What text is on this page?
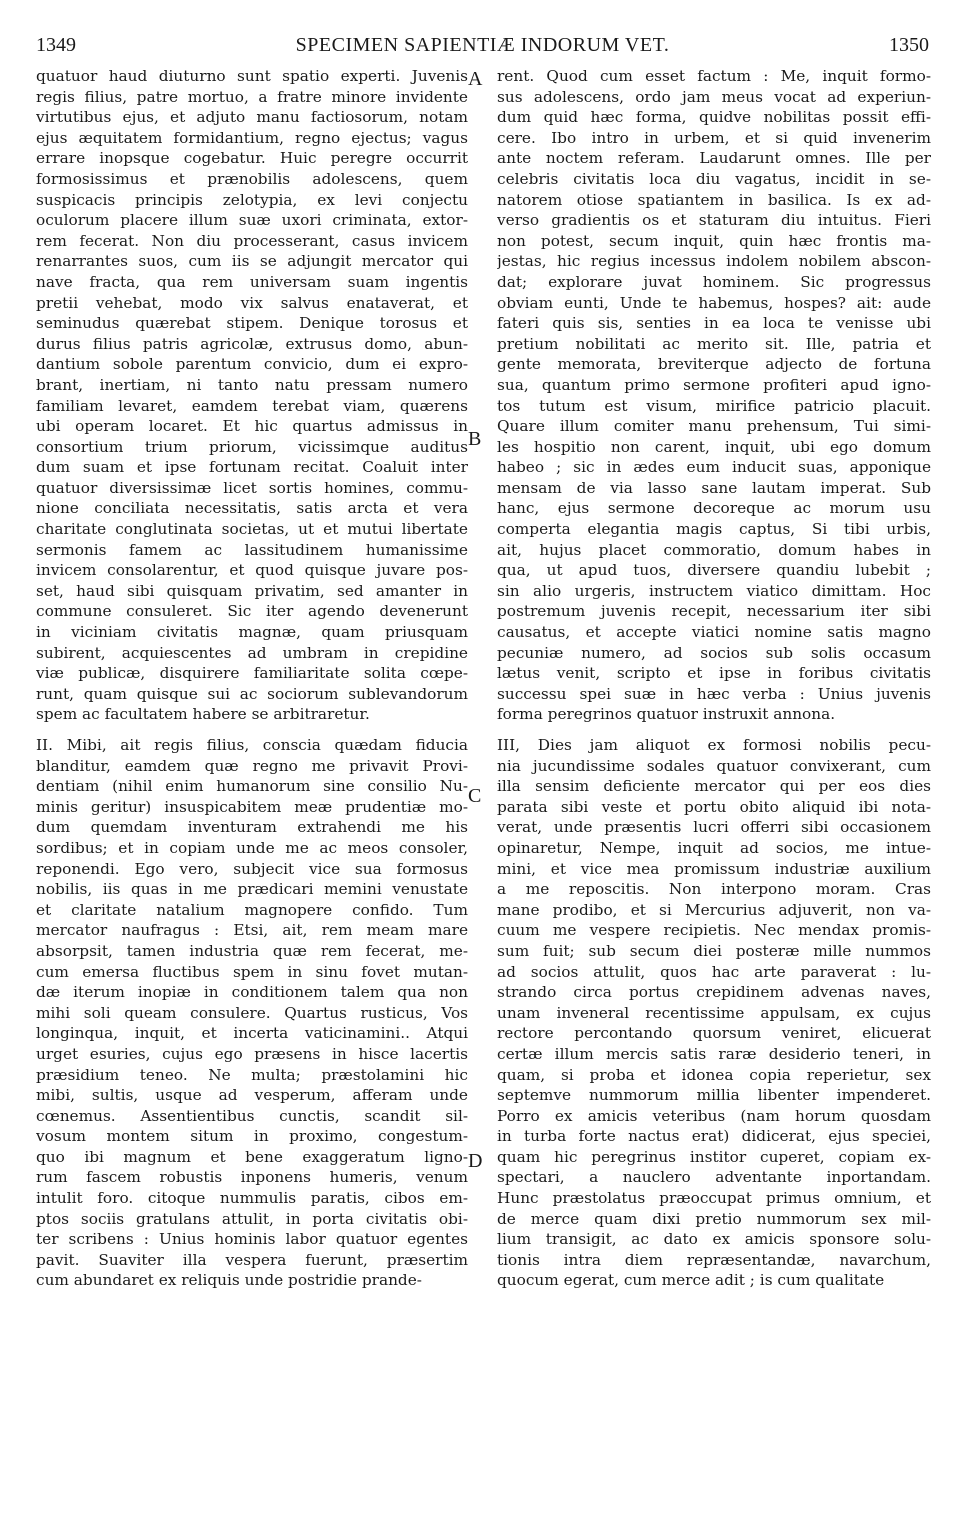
1349	SPECIMEN SAPIENTIÆ INDORUM VET.	1350
quatuor haud diuturno sunt spatio experti. Juvenis
regis filius, patre mortuo, a fratre minore invidente
virtutibus ejus, et adjuto manu factiosorum, notam
ejus æquitatem formidantium, regno ejectus; vagus
errare inopsque cogebatur. Huic peregre occurrit
formosissimus et prænobilis adolescens, quem
suspicacis principis zelotypia, ex levi conjectu
oculorum placere illum suæ uxori criminata, extor-
rem fecerat. Non diu processerant, casus invicem
renarrantes suos, cum iis se adjungit mercator qui
nave fracta, qua rem universam suam ingentis
pretii vehebat, modo vix salvus enataverat, et
seminudus quærebat stipem. Denique torosus et
durus filius patris agricolæ, extrusus domo, abun-
dantium sobole parentum convicio, dum ei expro-
brant, inertiam, ni tanto natu pressam numero
familiam levaret, eamdem terebat viam, quærens
ubi operam locaret. Et hic quartus admissus in
consortium trium priorum, vicissimque auditus
dum suam et ipse fortunam recitat. Coaluit inter
quatuor diversissimæ licet sortis homines, commu-
nione conciliata necessitatis, satis arcta et vera
charitate conglutinata societas, ut et mutui libertate
sermonis famem ac lassitudinem humanissime
invicem consolarentur, et quod quisque juvare pos-
set, haud sibi quisquam privatim, sed amanter in
commune consuleret. Sic iter agendo devenerunt
in viciniam civitatis magnæ, quam priusquam
subirent, acquiescentes ad umbram in crepidine
viæ publicæ, disquirere familiaritate solita cœpe-
runt, quam quisque sui ac sociorum sublevandorum
spem ac facultatem habere se arbitraretur.
II. Mibi, ait regis filius, conscia quædam fiducia
blanditur, eamdem quæ regno me privavit Provi-
dentiam (nihil enim humanorum sine consilio Nu-
minis geritur) insuspicabitem meæ prudentiæ mo-
dum quemdam inventuram extrahendi me his
sordibus; et in copiam unde me ac meos consoler,
reponendi. Ego vero, subjecit vice sua formosus
nobilis, iis quas in me prædicari memini venustate
et claritate natalium magnopere confido. Tum
mercator naufragus : Etsi, ait, rem meam mare
absorpsit, tamen industria quæ rem fecerat, me-
cum emersa fluctibus spem in sinu fovet mutan-
dæ iterum inopiæ in conditionem talem qua non
mihi soli queam consulere. Quartus rusticus, Vos
longinqua, inquit, et incerta vaticinamini.. Atqui
urget esuries, cujus ego præsens in hisce lacertis
præsidium teneo. Ne multa; præstolamini hic
mibi, sultis, usque ad vesperum, afferam unde
cœnemus. Assentientibus cunctis, scandit sil-
vosum montem situm in proximo, congestum-
quo ibi magnum et bene exaggeratum ligno-
rum fascem robustis inponens humeris, venum
intulit foro. citoque nummulis paratis, cibos em-
ptos sociis gratulans attulit, in porta civitatis obi-
ter scribens : Unius hominis labor quatuor egentes
pavit. Suaviter illa vespera fuerunt, præsertim
cum abundaret ex reliquis unde postridie prande-
rent. Quod cum esset factum : Me, inquit formo-
sus adolescens, ordo jam meus vocat ad experiun-
dum quid hæc forma, quidve nobilitas possit effi-
cere. Ibo intro in urbem, et si quid invenerim
ante noctem referam. Laudarunt omnes. Ille per
celebris civitatis loca diu vagatus, incidit in se-
natorem otiose spatiantem in basilica. Is ex ad-
verso gradientis os et staturam diu intuitus. Fieri
non potest, secum inquit, quin hæc frontis ma-
jestas, hic regius incessus indolem nobilem abscon-
dat; explorare juvat hominem. Sic progressus
obviam eunti, Unde te habemus, hospes? ait: aude
fateri quis sis, senties in ea loca te venisse ubi
pretium nobilitati ac merito sit. Ille, patria et
gente memorata, breviterque adjecto de fortuna
sua, quantum primo sermone profiteri apud igno-
tos tutum est visum, mirifice patricio placuit.
Quare illum comiter manu prehensum, Tui simi-
les hospitio non carent, inquit, ubi ego domum
habeo ; sic in ædes eum inducit suas, apponique
mensam de via lasso sane lautam imperat. Sub
hanc, ejus sermone decoreque ac morum usu
comperta elegantia magis captus, Si tibi urbis,
ait, hujus placet commoratio, domum habes in
qua, ut apud tuos, diversere quandiu lubebit ;
sin alio urgeris, instructem viatico dimittam. Hoc
postremum juvenis recepit, necessarium iter sibi
causatus, et accepte viatici nomine satis magno
pecuniæ numero, ad socios sub solis occasum
lætus venit, scripto et ipse in foribus civitatis
successu spei suæ in hæc verba : Unius juvenis
forma peregrinos quatuor instruxit annona.
III, Dies jam aliquot ex formosi nobilis pecu-
nia jucundissime sodales quatuor convixerant, cum
illa sensim deficiente mercator qui per eos dies
parata sibi veste et portu obito aliquid ibi nota-
verat, unde præsentis lucri offerri sibi occasionem
opinaretur, Nempe, inquit ad socios, me intue-
mini, et vice mea promissum industriæ auxilium
a me reposcitis. Non interpono moram. Cras
mane prodibo, et si Mercurius adjuverit, non va-
cuum me vespere recipietis. Nec mendax promis-
sum fuit; sub secum diei posteræ mille nummos
ad socios attulit, quos hac arte paraverat : lu-
strando circa portus crepidinem advenas naves,
unam inveneral recentissime appulsam, ex cujus
rectore percontando quorsum veniret, elicuerat
certæ illum mercis satis raræ desiderio teneri, in
quam, si proba et idonea copia reperietur, sex
septemve nummorum millia libenter impenderet.
Porro ex amicis veteribus (nam horum quosdam
in turba forte nactus erat) didicerat, ejus speciei,
quam hic peregrinus institor cuperet, copiam ex-
spectari, a nauclero adventante inportandam.
Hunc præstolatus præoccupat primus omnium, et
de merce quam dixi pretio nummorum sex mil-
lium transigit, ac dato ex amicis sponsore solu-
tionis intra diem repræsentandæ, navarchum,
quocum egerat, cum merce adit ; is cum qualitate
A
B
C
D
